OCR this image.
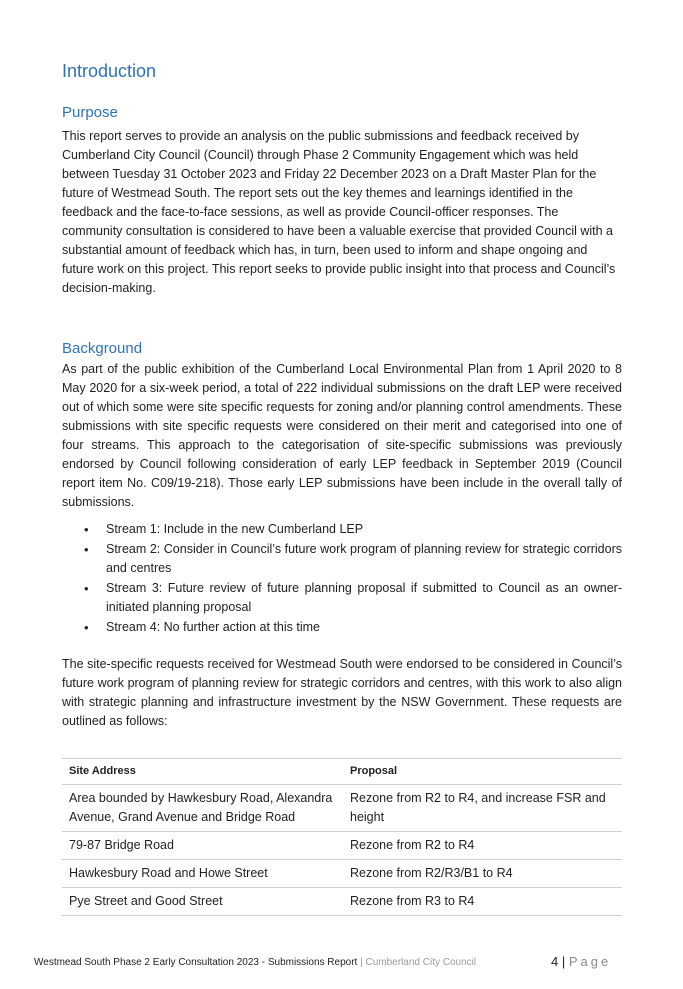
Introduction
Purpose

This report serves to provide an analysis on the public submissions and feedback received by Cumberland City Council (Council) through Phase 2 Community Engagement which was held between Tuesday 31 October 2023 and Friday 22 December 2023 on a Draft Master Plan for the future of Westmead South. The report sets out the key themes and learnings identified in the feedback and the face-to-face sessions, as well as provide Council-officer responses. The community consultation is considered to have been a valuable exercise that provided Council with a substantial amount of feedback which has, in turn, been used to inform and shape ongoing and future work on this project. This report seeks to provide public insight into that process and Council’s decision-making.

Background

As part of the public exhibition of the Cumberland Local Environmental Plan from 1 April 2020 to 8 May 2020 for a six-week period, a total of 222 individual submissions on the draft LEP were received out of which some were site specific requests for zoning and/or planning control amendments. These submissions with site specific requests were considered on their merit and categorised into one of four streams. This approach to the categorisation of site-specific submissions was previously endorsed by Council following consideration of early LEP feedback in September 2019 (Council report item No. C09/19-218). Those early LEP submissions have been include in the overall tally of submissions.

• Stream 1: Include in the new Cumberland LEP
• Stream 2: Consider in Council’s future work program of planning review for strategic corridors and centres
• Stream 3: Future review of future planning proposal if submitted to Council as an owner-initiated planning proposal
• Stream 4: No further action at this time

The site-specific requests received for Westmead South were endorsed to be considered in Council’s future work program of planning review for strategic corridors and centres, with this work to also align with strategic planning and infrastructure investment by the NSW Government. These requests are outlined as follows:

Site Address	Proposal
Area bounded by Hawkesbury Road, Alexandra Avenue, Grand Avenue and Bridge Road	Rezone from R2 to R4, and increase FSR and height
79-87 Bridge Road	Rezone from R2 to R4
Hawkesbury Road and Howe Street	Rezone from R2/R3/B1 to R4
Pye Street and Good Street	Rezone from R3 to R4
Westmead South Phase 2 Early Consultation 2023 - Submissions Report | Cumberland City Council	4 | Page
